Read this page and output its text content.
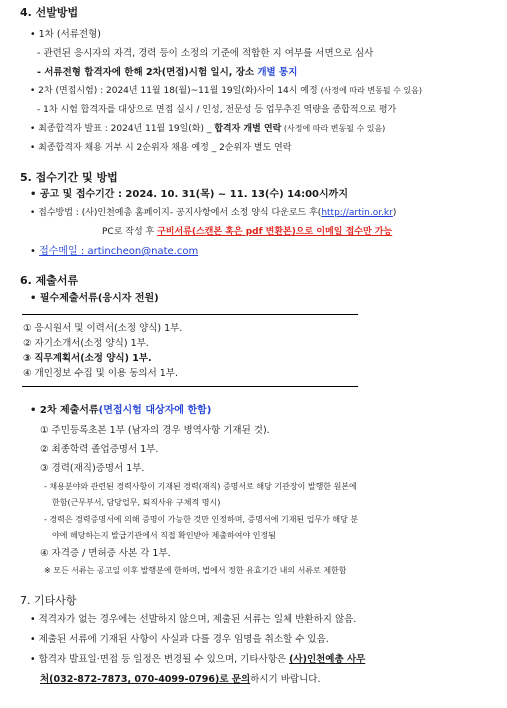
4. 선발방법
• 1차 (서류전형)
- 관련된 응시자의 자격, 경력 등이 소정의 기준에 적합한 지 여부를 서면으로 심사
- 서류전형 합격자에 한해 2차(면접)시험 일시, 장소 개별 통지
• 2차 (면접시험) : 2024년 11월 18(월)~11월 19일(화)사이 14시 예정 (사정에 따라 변동될 수 있음)
- 1차 시험 합격자를 대상으로 면접 실시 / 인성, 전문성 등 업무추진 역량을 종합적으로 평가
• 최종합격자 발표 : 2024년 11월 19일(화) _ 합격자 개별 연락 (사정에 따라 변동될 수 있음)
• 최종합격자 채용 거부 시 2순위자 채용 예정 _ 2순위자 별도 연락
5. 접수기간 및 방법
• 공고 및 접수기간 : 2024. 10. 31(목) ~ 11. 13(수) 14:00시까지
• 접수방법 : (사)인천예총 홈페이지- 공지사항에서 소정 양식 다운로드 후(http://artin.or.kr)
PC로 작성 후 구비서류(스캔본 혹은 pdf 변환본)으로 이메일 접수만 가능
• 접수메일 : artincheon@nate.com
6. 제출서류
• 필수제출서류(응시자 전원)
① 응시원서 및 이력서(소정 양식) 1부.
② 자기소개서(소정 양식) 1부.
③ 직무계획서(소정 양식) 1부.
④ 개인정보 수집 및 이용 동의서 1부.
• 2차 제출서류(면접시험 대상자에 한함)
① 주민등록초본 1부 (남자의 경우 병역사항 기재된 것).
② 최종학력 졸업증명서 1부.
③ 경력(재직)증명서 1부.
- 채용분야와 관련된 경력사항이 기재된 경력(재직) 증명서로 해당 기관장이 발행한 원본에
한함(근무부서, 담당업무, 퇴직사유 구체적 명시)
- 경력은 경력증명서에 의해 증명이 가능한 것만 인정하며, 증명서에 기재된 업무가 해당 분
야에 해당하는지 발급기관에서 직접 확인받아 제출하여야 인정됨
④ 자격증 / 면허증 사본 각 1부.
※ 모든 서류는 공고일 이후 발행분에 한하며, 법에서 정한 유효기간 내의 서류로 제한함
7. 기타사항
• 적격자가 없는 경우에는 선발하지 않으며, 제출된 서류는 일체 반환하지 않음.
• 제출된 서류에 기재된 사항이 사실과 다를 경우 임명을 취소할 수 있음.
• 합격자 발표일·면접 등 일정은 변경될 수 있으며, 기타사항은 (사)인천예총 사무
처(032-872-7873, 070-4099-0796)로 문의하시기 바랍니다.
